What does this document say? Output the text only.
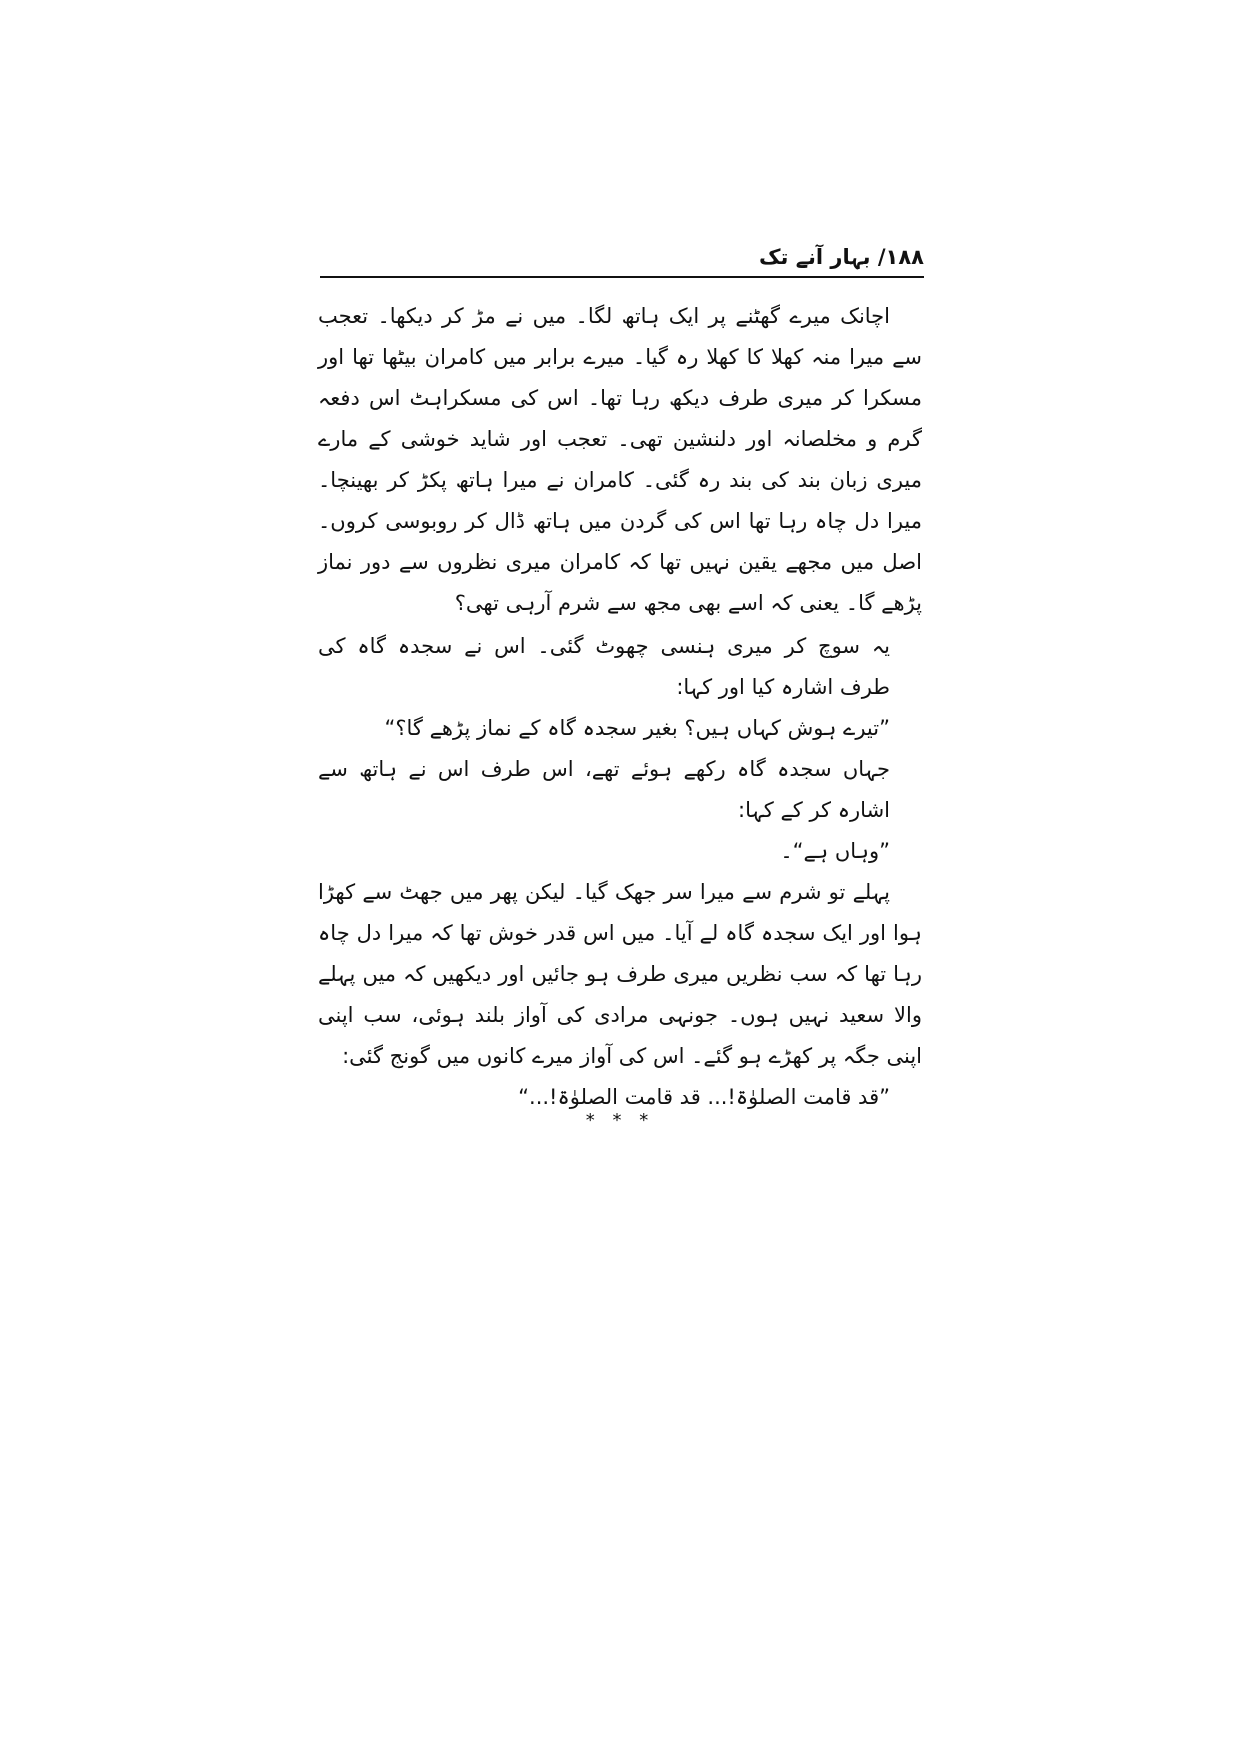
۱۸۸/ بہار آنے تک

اچانک میرے گھٹنے پر ایک ہاتھ لگا۔ میں نے مڑ کر دیکھا۔ تعجب سے میرا منہ کھلا کا کھلا رہ گیا۔ میرے برابر میں کامران بیٹھا تھا اور مسکرا کر میری طرف دیکھ رہا تھا۔ اس کی مسکراہٹ اس دفعہ گرم و مخلصانہ اور دلنشین تھی۔ تعجب اور شاید خوشی کے مارے میری زبان بند کی بند رہ گئی۔ کامران نے میرا ہاتھ پکڑ کر بھینچا۔ میرا دل چاہ رہا تھا اس کی گردن میں ہاتھ ڈال کر روبوسی کروں۔ اصل میں مجھے یقین نہیں تھا کہ کامران میری نظروں سے دور نماز پڑھے گا۔ یعنی کہ اسے بھی مجھ سے شرم آرہی تھی؟

یہ سوچ کر میری ہنسی چھوٹ گئی۔ اس نے سجدہ گاہ کی طرف اشارہ کیا اور کہا:

”تیرے ہوش کہاں ہیں؟ بغیر سجدہ گاہ کے نماز پڑھے گا؟“

جہاں سجدہ گاہ رکھے ہوئے تھے، اس طرف اس نے ہاتھ سے اشارہ کر کے کہا:

”وہاں ہے“۔

پہلے تو شرم سے میرا سر جھک گیا۔ لیکن پھر میں جھٹ سے کھڑا ہوا اور ایک سجدہ گاہ لے آیا۔ میں اس قدر خوش تھا کہ میرا دل چاہ رہا تھا کہ سب نظریں میری طرف ہو جائیں اور دیکھیں کہ میں پہلے والا سعید نہیں ہوں۔ جونہی مرادی کی آواز بلند ہوئی، سب اپنی اپنی جگہ پر کھڑے ہو گئے۔ اس کی آواز میرے کانوں میں گونج گئی:

”قد قامت الصلوٰۃ!... قد قامت الصلوٰۃ!...“

* * *
